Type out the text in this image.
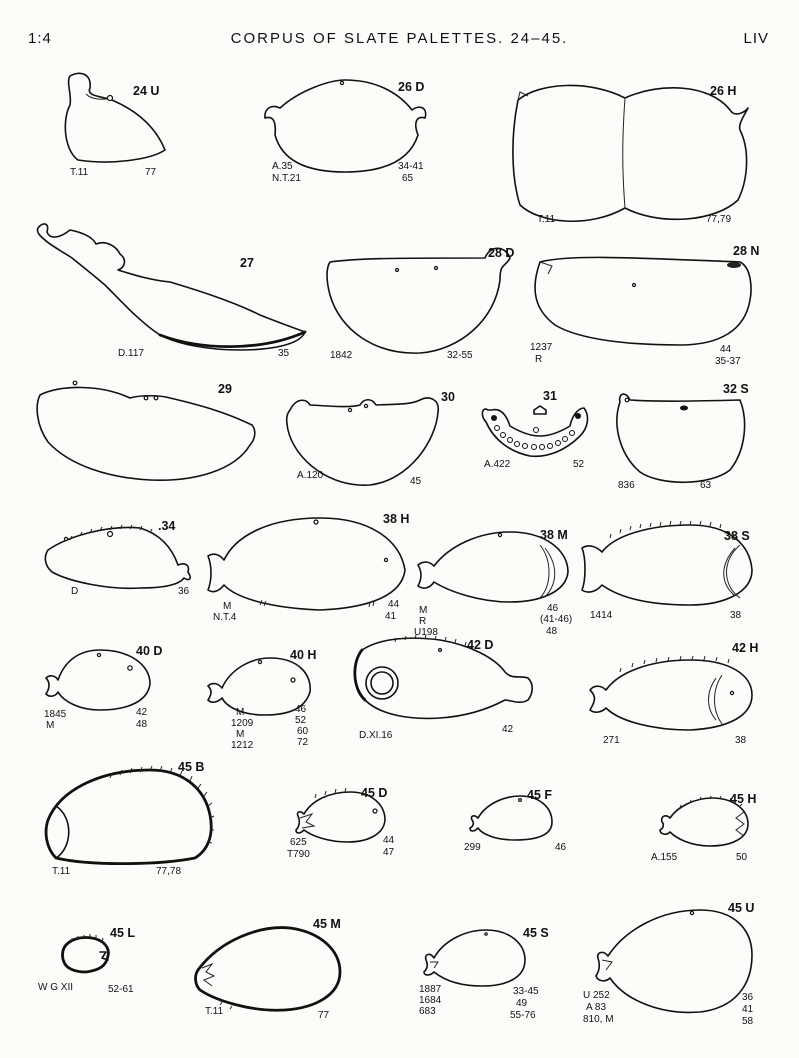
1:4	CORPUS OF SLATE PALETTES. 24–45.	LIV
24 U
T.11	77
26 D
A.35
N.T.21
34-41
65
26 H
T.11	77,79
27
D.117	35
28 D
1842	32-55
28 N
1237
R
44
35-37
29
30
A.120
45
31
A.422	52
32 S
836	63
.34
D	36
38 H
M
N.T.4
44
41
38 M
M
R
U198
46
(41-46)
48
38 S
1414	38
40 D
1845
M
42
48
40 H
M
1209
M
1212
46
52
60
72
42 D
D.XI.16
42
42 H
271	38
45 B
T.11	77,78
45 D
625
T790
44
47
45 F
299	46
45 H
A.155	50
45 L
W G XII	52-61
45 M
T.11	77
45 S
1887
1684
683
33-45
49
55-76
45 U
U 252
A 83
810, M
36
41
58
